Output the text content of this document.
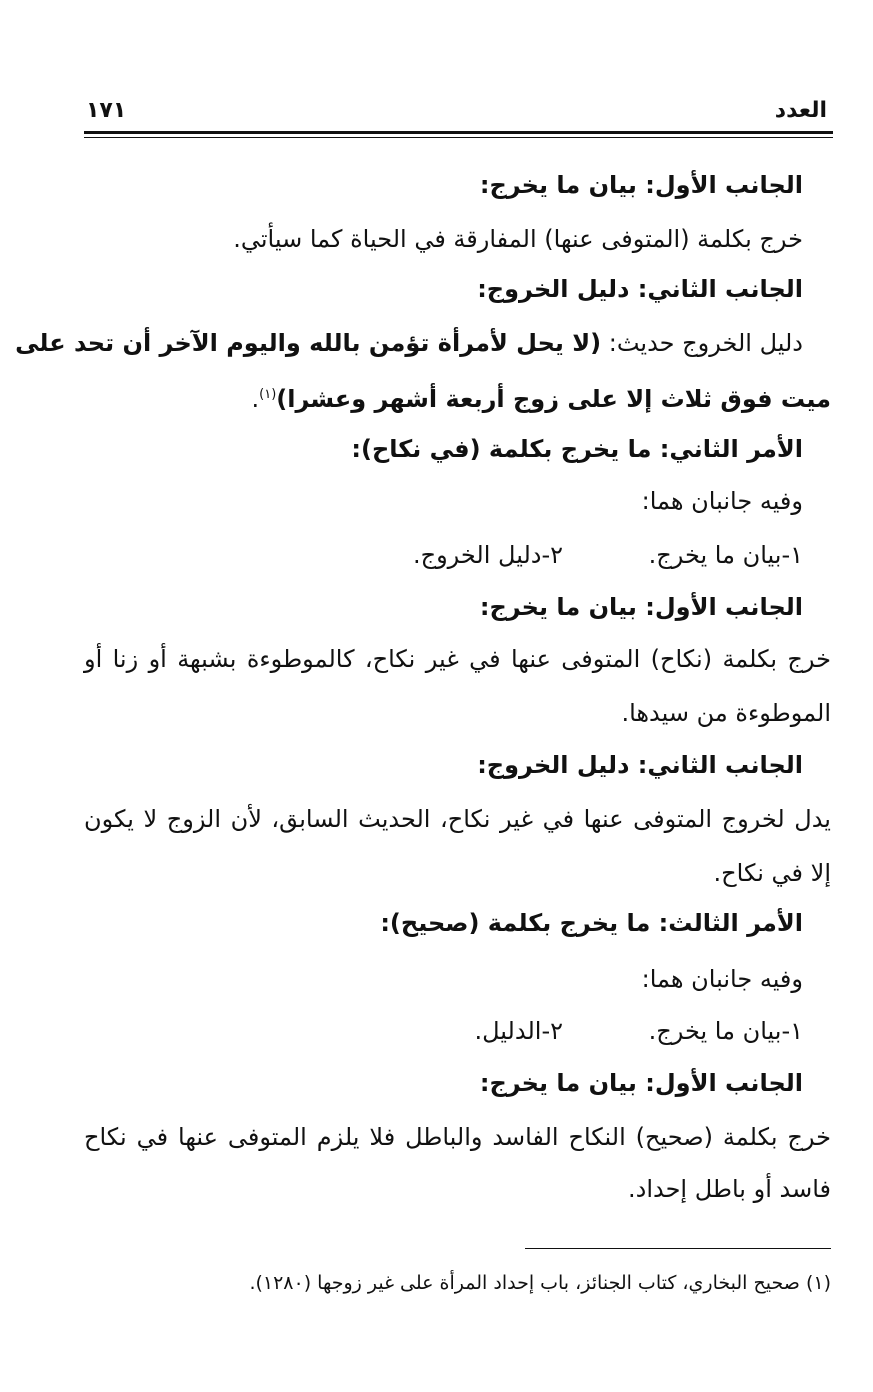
العدد
١٧١
الجانب الأول: بيان ما يخرج:
خرج بكلمة (المتوفى عنها) المفارقة في الحياة كما سيأتي.
الجانب الثاني: دليل الخروج:
دليل الخروج حديث: (لا يحل لأمرأة تؤمن بالله واليوم الآخر أن تحد على
ميت فوق ثلاث إلا على زوج أربعة أشهر وعشرا)$^{(١)}$.
الأمر الثاني: ما يخرج بكلمة (في نكاح):
وفيه جانبان هما:
١-بيان ما يخرج.
٢-دليل الخروج.
الجانب الأول: بيان ما يخرج:
خرج بكلمة (نكاح) المتوفى عنها في غير نكاح، كالموطوءة بشبهة أو زنا أو
الموطوءة من سيدها.
الجانب الثاني: دليل الخروج:
يدل لخروج المتوفى عنها في غير نكاح، الحديث السابق، لأن الزوج لا يكون
إلا في نكاح.
الأمر الثالث: ما يخرج بكلمة (صحيح):
وفيه جانبان هما:
١-بيان ما يخرج.
٢-الدليل.
الجانب الأول: بيان ما يخرج:
خرج بكلمة (صحيح) النكاح الفاسد والباطل فلا يلزم المتوفى عنها في نكاح
فاسد أو باطل إحداد.
(١) صحيح البخاري، كتاب الجنائز، باب إحداد المرأة على غير زوجها (١٢٨٠).
